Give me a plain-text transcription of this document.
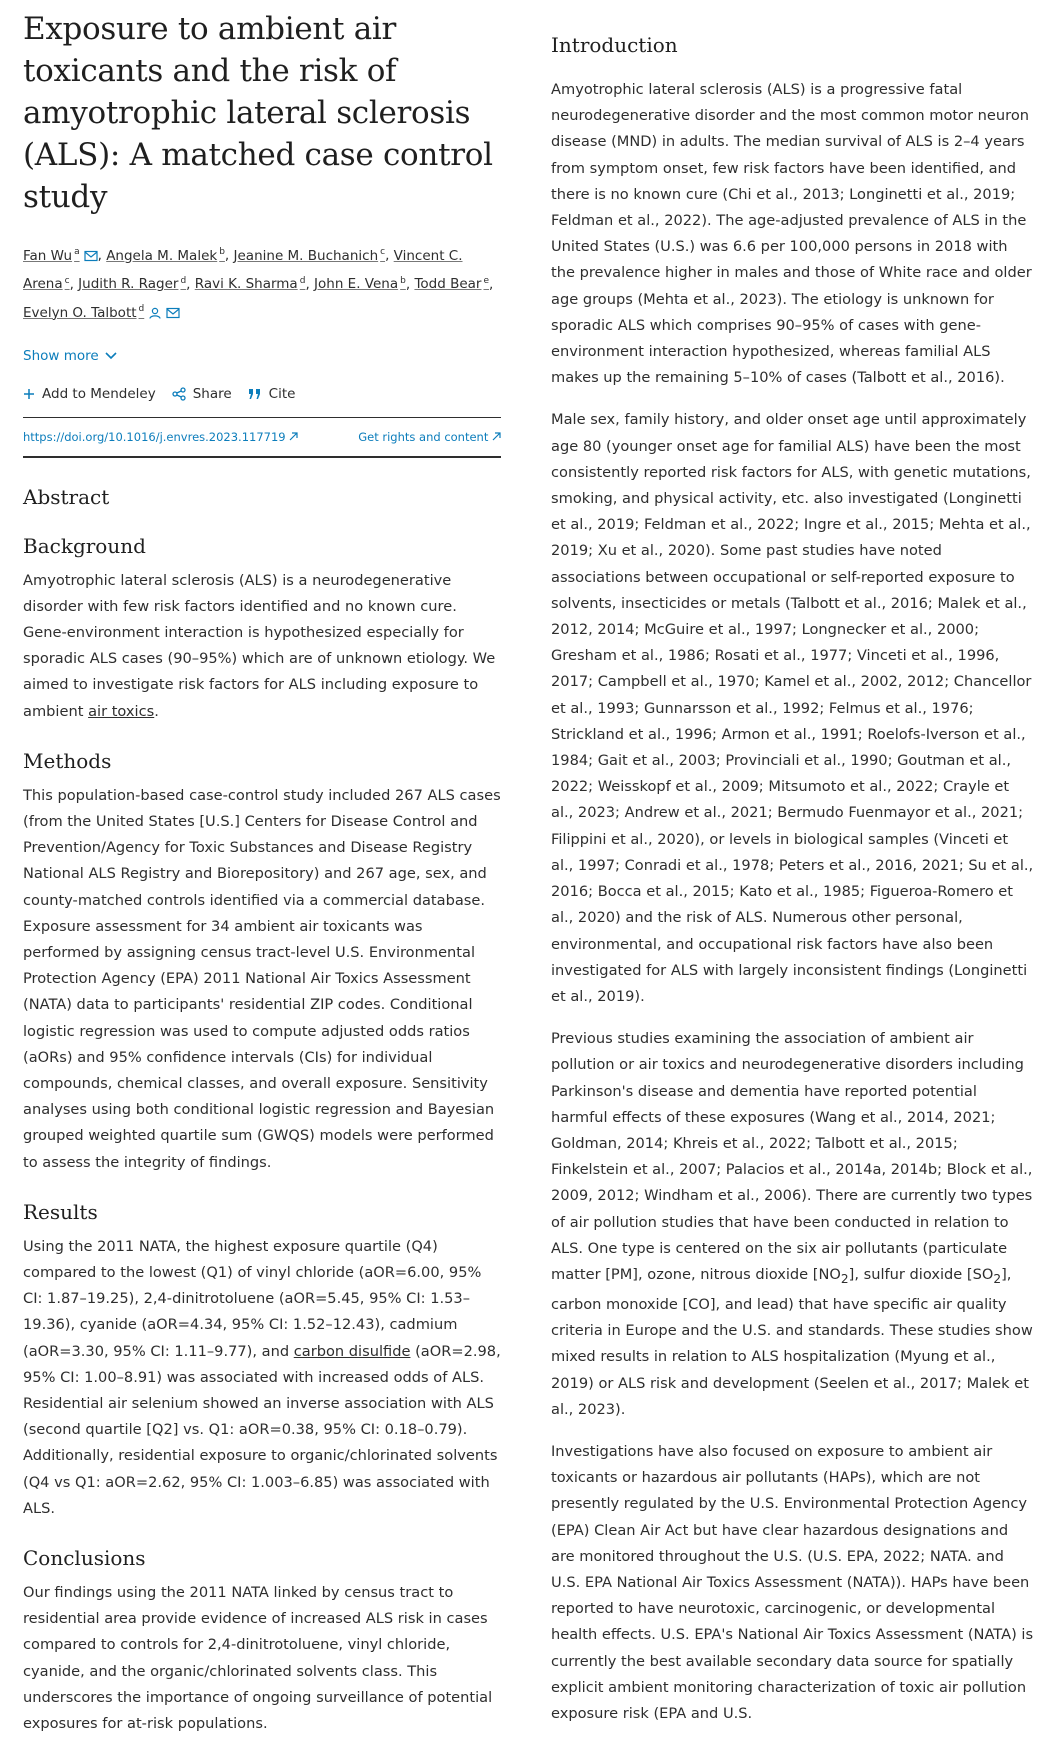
Exposure to ambient air toxicants and the risk of amyotrophic lateral sclerosis (ALS): A matched case control study
Fan Wu $^a$ , Angela M. Malek $^b$, Jeanine M. Buchanich $^c$, Vincent C. Arena $^c$, Judith R. Rager $^d$, Ravi K. Sharma $^d$, John E. Vena $^b$, Todd Bear $^e$, Evelyn O. Talbott $^d$
Show more
Add to Mendeley	Share	Cite
https://doi.org/10.1016/j.envres.2023.117719	Get rights and content
Abstract
Background

Amyotrophic lateral sclerosis (ALS) is a neurodegenerative disorder with few risk factors identified and no known cure. Gene-environment interaction is hypothesized especially for sporadic ALS cases (90–95%) which are of unknown etiology. We aimed to investigate risk factors for ALS including exposure to ambient air toxics.

Methods

This population-based case-control study included 267 ALS cases (from the United States [U.S.] Centers for Disease Control and Prevention/Agency for Toxic Substances and Disease Registry National ALS Registry and Biorepository) and 267 age, sex, and county-matched controls identified via a commercial database. Exposure assessment for 34 ambient air toxicants was performed by assigning census tract-level U.S. Environmental Protection Agency (EPA) 2011 National Air Toxics Assessment (NATA) data to participants' residential ZIP codes. Conditional logistic regression was used to compute adjusted odds ratios (aORs) and 95% confidence intervals (CIs) for individual compounds, chemical classes, and overall exposure. Sensitivity analyses using both conditional logistic regression and Bayesian grouped weighted quartile sum (GWQS) models were performed to assess the integrity of findings.

Results

Using the 2011 NATA, the highest exposure quartile (Q4) compared to the lowest (Q1) of vinyl chloride (aOR=6.00, 95% CI: 1.87–19.25), 2,4-dinitrotoluene (aOR=5.45, 95% CI: 1.53–19.36), cyanide (aOR=4.34, 95% CI: 1.52–12.43), cadmium (aOR=3.30, 95% CI: 1.11–9.77), and carbon disulfide (aOR=2.98, 95% CI: 1.00–8.91) was associated with increased odds of ALS. Residential air selenium showed an inverse association with ALS (second quartile [Q2] vs. Q1: aOR=0.38, 95% CI: 0.18–0.79). Additionally, residential exposure to organic/chlorinated solvents (Q4 vs Q1: aOR=2.62, 95% CI: 1.003–6.85) was associated with ALS.

Conclusions

Our findings using the 2011 NATA linked by census tract to residential area provide evidence of increased ALS risk in cases compared to controls for 2,4-dinitrotoluene, vinyl chloride, cyanide, and the organic/chlorinated solvents class. This underscores the importance of ongoing surveillance of potential exposures for at-risk populations.

Introduction

Amyotrophic lateral sclerosis (ALS) is a progressive fatal neurodegenerative disorder and the most common motor neuron disease (MND) in adults. The median survival of ALS is 2–4 years from symptom onset, few risk factors have been identified, and there is no known cure (Chi et al., 2013; Longinetti et al., 2019; Feldman et al., 2022). The age-adjusted prevalence of ALS in the United States (U.S.) was 6.6 per 100,000 persons in 2018 with the prevalence higher in males and those of White race and older age groups (Mehta et al., 2023). The etiology is unknown for sporadic ALS which comprises 90–95% of cases with gene-environment interaction hypothesized, whereas familial ALS makes up the remaining 5–10% of cases (Talbott et al., 2016).

Male sex, family history, and older onset age until approximately age 80 (younger onset age for familial ALS) have been the most consistently reported risk factors for ALS, with genetic mutations, smoking, and physical activity, etc. also investigated (Longinetti et al., 2019; Feldman et al., 2022; Ingre et al., 2015; Mehta et al., 2019; Xu et al., 2020). Some past studies have noted associations between occupational or self-reported exposure to solvents, insecticides or metals (Talbott et al., 2016; Malek et al., 2012, 2014; McGuire et al., 1997; Longnecker et al., 2000; Gresham et al., 1986; Rosati et al., 1977; Vinceti et al., 1996, 2017; Campbell et al., 1970; Kamel et al., 2002, 2012; Chancellor et al., 1993; Gunnarsson et al., 1992; Felmus et al., 1976; Strickland et al., 1996; Armon et al., 1991; Roelofs-Iverson et al., 1984; Gait et al., 2003; Provinciali et al., 1990; Goutman et al., 2022; Weisskopf et al., 2009; Mitsumoto et al., 2022; Crayle et al., 2023; Andrew et al., 2021; Bermudo Fuenmayor et al., 2021; Filippini et al., 2020), or levels in biological samples (Vinceti et al., 1997; Conradi et al., 1978; Peters et al., 2016, 2021; Su et al., 2016; Bocca et al., 2015; Kato et al., 1985; Figueroa-Romero et al., 2020) and the risk of ALS. Numerous other personal, environmental, and occupational risk factors have also been investigated for ALS with largely inconsistent findings (Longinetti et al., 2019).

Previous studies examining the association of ambient air pollution or air toxics and neurodegenerative disorders including Parkinson's disease and dementia have reported potential harmful effects of these exposures (Wang et al., 2014, 2021; Goldman, 2014; Khreis et al., 2022; Talbott et al., 2015; Finkelstein et al., 2007; Palacios et al., 2014a, 2014b; Block et al., 2009, 2012; Windham et al., 2006). There are currently two types of air pollution studies that have been conducted in relation to ALS. One type is centered on the six air pollutants (particulate matter [PM], ozone, nitrous dioxide $[NO_2]$, sulfur dioxide $[SO_2]$, carbon monoxide [CO], and lead) that have specific air quality criteria in Europe and the U.S. and standards. These studies show mixed results in relation to ALS hospitalization (Myung et al., 2019) or ALS risk and development (Seelen et al., 2017; Malek et al., 2023).

Investigations have also focused on exposure to ambient air toxicants or hazardous air pollutants (HAPs), which are not presently regulated by the U.S. Environmental Protection Agency (EPA) Clean Air Act but have clear hazardous designations and are monitored throughout the U.S. (U.S. EPA, 2022; NATA. and U.S. EPA National Air Toxics Assessment (NATA)). HAPs have been reported to have neurotoxic, carcinogenic, or developmental health effects. U.S. EPA's National Air Toxics Assessment (NATA) is currently the best available secondary data source for spatially explicit ambient monitoring characterization of toxic air pollution exposure risk (EPA and U.S.
